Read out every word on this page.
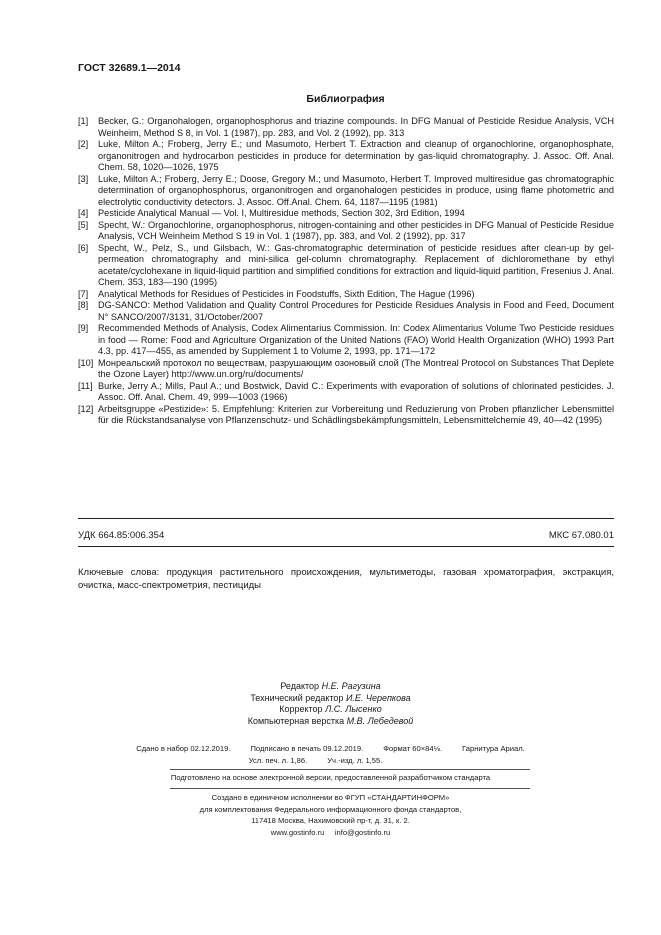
ГОСТ 32689.1—2014
Библиография
[1]	Becker, G.: Organohalogen, organophosphorus and triazine compounds. In DFG Manual of Pesticide Residue Analysis, VCH Weinheim, Method S 8, in Vol. 1 (1987), pp. 283, and Vol. 2 (1992), pp. 313
[2]	Luke, Milton A.; Froberg, Jerry E.; und Masumoto, Herbert T. Extraction and cleanup of organochlorine, organophosphate, organonitrogen and hydrocarbon pesticides in produce for determination by gas-liquid chromatography. J. Assoc. Off. Anal. Chem. 58, 1020—1026, 1975
[3]	Luke, Milton A.; Froberg, Jerry E.; Doose, Gregory M.; und Masumoto, Herbert T. Improved multiresidue gas chromatographic determination of organophosphorus, organonitrogen and organohalogen pesticides in produce, using flame photometric and electrolytic conductivity detectors. J. Assoc. Off.Anal. Chem. 64, 1187—1195 (1981)
[4]	Pesticide Analytical Manual — Vol. I, Multiresidue methods, Section 302, 3rd Edition, 1994
[5]	Specht, W.: Organochlorine, organophosphorus, nitrogen-containing and other pesticides in DFG Manual of Pesticide Residue Analysis, VCH Weinheim Method S 19 in Vol. 1 (1987), pp. 383, and Vol. 2 (1992), pp. 317
[6]	Specht, W., Pelz, S., und Gilsbach, W.: Gas-chromatographic determination of pesticide residues after clean-up by gel-permeation chromatography and mini-silica gel-column chromatography. Replacement of dichloromethane by ethyl acetate/cyclohexane in liquid-liquid partition and simplified conditions for extraction and liquid-liquid partition, Fresenius J. Anal. Chem. 353, 183—190 (1995)
[7]	Analytical Methods for Residues of Pesticides in Foodstuffs, Sixth Edition, The Hague (1996)
[8]	DG-SANCO: Method Validation and Quality Control Procedures for Pesticide Residues Analysis in Food and Feed, Document N° SANCO/2007/3131, 31/October/2007
[9]	Recommended Methods of Analysis, Codex Alimentarius Commission. In: Codex Alimentarius Volume Two Pesticide residues in food — Rome: Food and Agriculture Organization of the United Nations (FAO) World Health Organization (WHO) 1993 Part 4.3, pp. 417—455, as amended by Supplement 1 to Volume 2, 1993, pp. 171—172
[10] Монреальский протокол по веществам, разрушающим озоновый слой (The Montreal Protocol on Substances That Deplete the Ozone Layer) http://www.un.org/ru/documents/
[11] Burke, Jerry A.; Mills, Paul A.; und Bostwick, David C.: Experiments with evaporation of solutions of chlorinated pesticides. J. Assoc. Off. Anal. Chem. 49, 999—1003 (1966)
[12] Arbeitsgruppe «Pestizide»: 5. Empfehlung: Kriterien zur Vorbereitung und Reduzierung von Proben pflanzlicher Lebensmittel für die Rückstandsanalyse von Pflanzenschutz- und Schädlingsbekämpfungsmitteln, Lebensmittelchemie 49, 40—42 (1995)
УДК 664.85:006.354	МКС 67.080.01
Ключевые слова: продукция растительного происхождения, мультиметоды, газовая хроматография, экстракция, очистка, масс-спектрометрия, пестициды
Редактор Н.Е. Рагузина
Технический редактор И.Е. Черепкова
Корректор Л.С. Лысенко
Компьютерная верстка М.В. Лебедевой
Сдано в набор 02.12.2019.	Подписано в печать 09.12.2019.	Формат 60×84⅛.	Гарнитура Ариал.
Усл. печ. л. 1,86.	Уч.-изд. л. 1,55.
Подготовлено на основе электронной версии, предоставленной разработчиком стандарта
Создано в единичном исполнении во ФГУП «СТАНДАРТИНФОРМ»
для комплектования Федерального информационного фонда стандартов,
117418 Москва, Нахимовский пр-т, д. 31, к. 2.
www.gostinfo.ru     info@gostinfo.ru
